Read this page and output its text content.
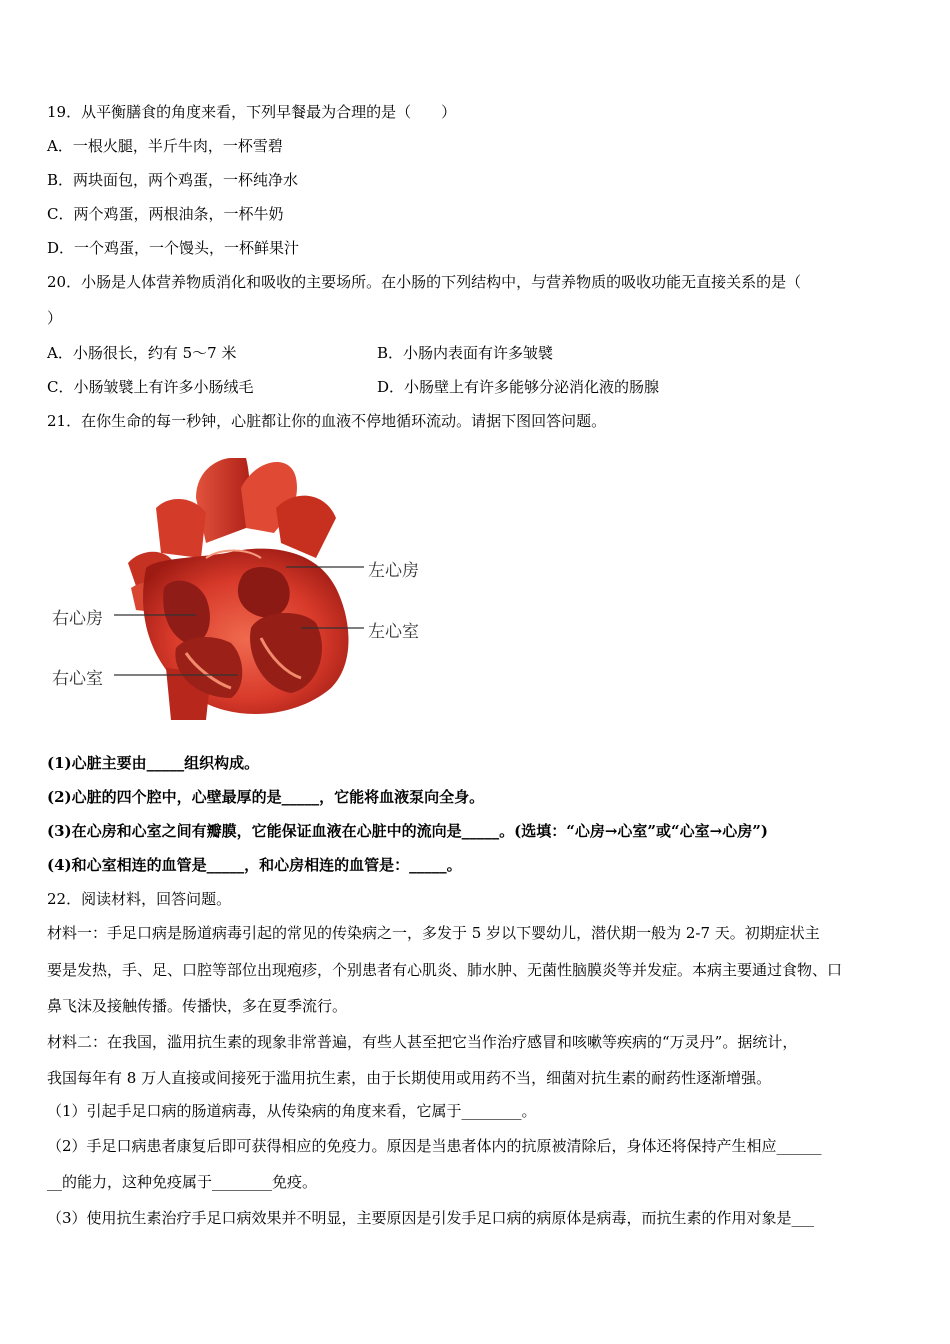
19．从平衡膳食的角度来看，下列早餐最为合理的是（　　）
A．一根火腿，半斤牛肉，一杯雪碧
B．两块面包，两个鸡蛋，一杯纯净水
C．两个鸡蛋，两根油条，一杯牛奶
D．一个鸡蛋，一个馒头，一杯鲜果汁
20．小肠是人体营养物质消化和吸收的主要场所。在小肠的下列结构中，与营养物质的吸收功能无直接关系的是（
）
A．小肠很长，约有 5～7 米	B．小肠内表面有许多皱襞
C．小肠皱襞上有许多小肠绒毛	D．小肠壁上有许多能够分泌消化液的肠腺
21．在你生命的每一秒钟，心脏都让你的血液不停地循环流动。请据下图回答问题。
左心房
左心室
右心房
右心室
(1)心脏主要由_____组织构成。
(2)心脏的四个腔中，心壁最厚的是_____，它能将血液泵向全身。
(3)在心房和心室之间有瓣膜，它能保证血液在心脏中的流向是_____。(选填：“心房→心室”或“心室→心房”)
(4)和心室相连的血管是_____，和心房相连的血管是：_____。
22．阅读材料，回答问题。
材料一：手足口病是肠道病毒引起的常见的传染病之一，多发于 5 岁以下婴幼儿，潜伏期一般为 2-7 天。初期症状主
要是发热，手、足、口腔等部位出现疱疹，个别患者有心肌炎、肺水肿、无菌性脑膜炎等并发症。本病主要通过食物、口
鼻飞沫及接触传播。传播快，多在夏季流行。
材料二：在我国，滥用抗生素的现象非常普遍，有些人甚至把它当作治疗感冒和咳嗽等疾病的“万灵丹”。据统计，
我国每年有 8 万人直接或间接死于滥用抗生素，由于长期使用或用药不当，细菌对抗生素的耐药性逐渐增强。
（1）引起手足口病的肠道病毒，从传染病的角度来看，它属于________。
（2）手足口病患者康复后即可获得相应的免疫力。原因是当患者体内的抗原被清除后，身体还将保持产生相应______
__的能力，这种免疫属于________免疫。
（3）使用抗生素治疗手足口病效果并不明显，主要原因是引发手足口病的病原体是病毒，而抗生素的作用对象是___
